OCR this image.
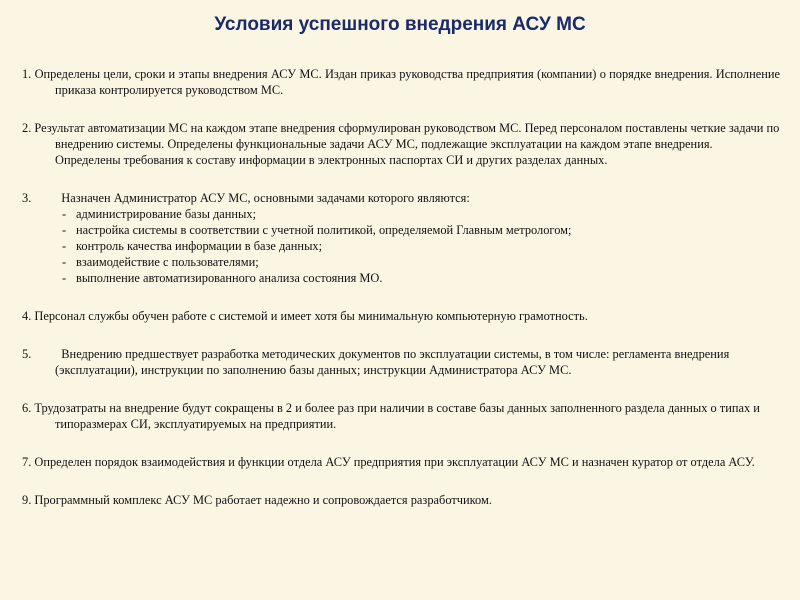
Условия успешного внедрения АСУ МС

1. Определены цели, сроки и этапы внедрения АСУ МС. Издан приказ руководства предприятия (компании) о порядке внедрения. Исполнение приказа контролируется руководством МС.

2. Результат автоматизации МС на каждом этапе внедрения сформулирован руководством МС. Перед персоналом поставлены четкие задачи по внедрению системы. Определены функциональные задачи АСУ МС, подлежащие эксплуатации на каждом этапе внедрения. Определены требования к составу информации в электронных паспортах СИ и других разделах данных.

3. Назначен Администратор АСУ МС, основными задачами которого являются:

- администрирование базы данных;
- настройка системы в соответствии с учетной политикой, определяемой Главным метрологом;
- контроль качества информации в базе данных;
- взаимодействие с пользователями;
- выполнение автоматизированного анализа состояния МО.

4. Персонал службы обучен работе с системой и имеет хотя бы минимальную компьютерную грамотность.

5. Внедрению предшествует разработка методических документов по эксплуатации системы, в том числе: регламента внедрения (эксплуатации), инструкции по заполнению базы данных; инструкции Администратора АСУ МС.

6. Трудозатраты на внедрение будут сокращены в 2 и более раз при наличии в составе базы данных заполненного раздела данных о типах и типоразмерах СИ, эксплуатируемых на предприятии.

7. Определен порядок взаимодействия и функции отдела АСУ предприятия при эксплуатации АСУ МС и назначен куратор от отдела АСУ.

9. Программный комплекс АСУ МС работает надежно и сопровождается разработчиком.
